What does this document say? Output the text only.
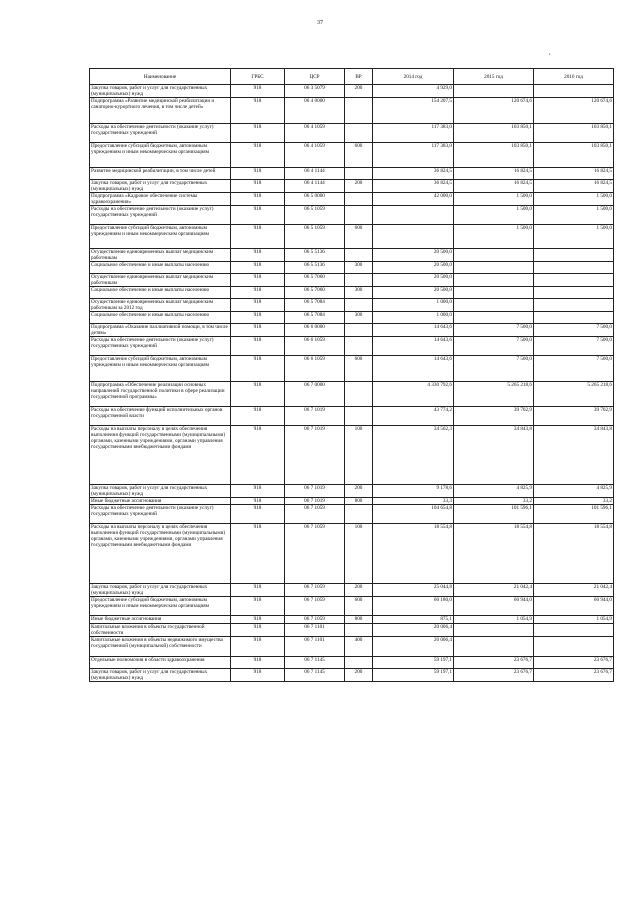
37
,
Наименование	ГРБС	ЦСР	ВР	2014 год	2015 год	2016 год
Закупка товаров, работ и услуг для государственных (муниципальных) нужд	918	06 3 5079	200	4 929,0		
Подпрограмма «Развитие медицинской реабилитации и санаторно-курортного лечения, в том числе детей»	918	06 4 0000		154 207,5	120 674,6	120 674,6
Расходы на обеспечение деятельности (оказание услуг) государственных учреждений	918	06 4 1059		117 383,0	103 850,1	103 850,1
Предоставление субсидий бюджетным, автономным учреждениям и иным некоммерческим организациям	918	06 4 1059	600	117 383,0	103 850,1	103 850,1
Развитие медицинской реабилитации, в том числе детей	918	06 4 1144		36 824,5	16 824,5	16 824,5
Закупка товаров, работ и услуг для государственных (муниципальных) нужд	918	06 4 1144	200	36 824,5	16 824,5	16 824,5
Подпрограмма «Кадровое обеспечение системы здравоохранения»	918	06 5 0000		42 000,0	1 500,0	1 500,0
Расходы на обеспечение деятельности (оказание услуг) государственных учреждений	918	06 5 1059			1 500,0	1 500,0
Предоставление субсидий бюджетным, автономным учреждениям и иным некоммерческим организациям	918	06 5 1059	600		1 500,0	1 500,0
Осуществление единовременных выплат медицинским работникам	918	06 5 5136		20 500,0		
Социальное обеспечение и иные выплаты населению	918	06 5 5136	300	20 500,0		
Осуществление единовременных выплат медицинским работникам	918	06 5 7060		20 500,0		
Социальное обеспечение и иные выплаты населению	918	06 5 7060	300	20 500,0		
Осуществление единовременных выплат медицинским работникам за 2012 год	918	06 5 7084		1 000,0		
Социальное обеспечение и иные выплаты населению	918	06 5 7084	300	1 000,0		
Подпрограмма «Оказание паллиативной помощи, в том числе детям»	918	06 6 0000		14 643,6	7 500,0	7 500,0
Расходы на обеспечение деятельности (оказание услуг) государственных учреждений	918	06 6 1059		14 643,6	7 500,0	7 500,0
Предоставление субсидий бюджетным, автономным учреждениям и иным некоммерческим организациям	918	06 6 1059	600	14 643,6	7 500,0	7 500,0
Подпрограмма «Обеспечение реализации основных направлений государственной политики в сфере реализации государственной программы»	918	06 7 0000		4 330 792,6	5 265 218,6	5 265 218,6
Расходы на обеспечение функций исполнительных органов государственной власти	918	06 7 1019		43 774,2	39 702,9	39 702,9
Расходы на выплаты персоналу в целях обеспечения выполнения функций государственными (муниципальными) органами, казенными учреждениями, органами управления государственными внебюджетными фондами	918	06 7 1019	100	34 562,3	34 843,8	34 843,8
Закупка товаров, работ и услуг для государственных (муниципальных) нужд	918	06 7 1019	200	9 178,6	4 825,9	4 825,9
Иные бюджетные ассигнования	918	06 7 1019	800	33,3	33,2	33,2
Расходы на обеспечение деятельности (оказание услуг) государственных учреждений	918	06 7 1059		104 654,8	101 596,1	101 596,1
Расходы на выплаты персоналу в целях обеспечения выполнения функций государственными (муниципальными) органами, казенными учреждениями, органами управления государственными внебюджетными фондами	918	06 7 1059	100	18 554,8	18 554,8	18 554,8
Закупка товаров, работ и услуг для государственных (муниципальных) нужд	918	06 7 1059	200	25 044,8	21 042,4	21 042,4
Предоставление субсидий бюджетным, автономным учреждениям и иным некоммерческим организациям	918	06 7 1059	600	60 180,0	60 944,0	60 944,0
Иные бюджетные ассигнования	918	06 7 1059	800	875,1	1 054,9	1 054,9
Капитальные вложения в объекты государственной собственности	918	06 7 1101		20 006,4		
Капитальные вложения в объекты недвижимого имущества государственной (муниципальной) собственности	918	06 7 1101	400	20 006,4		
Отдельные полномочия в области здравоохранения	918	06 7 1145		59 197,1	23 676,7	23 676,7
Закупка товаров, работ и услуг для государственных (муниципальных) нужд	918	06 7 1145	200	59 197,1	23 676,7	23 676,7
